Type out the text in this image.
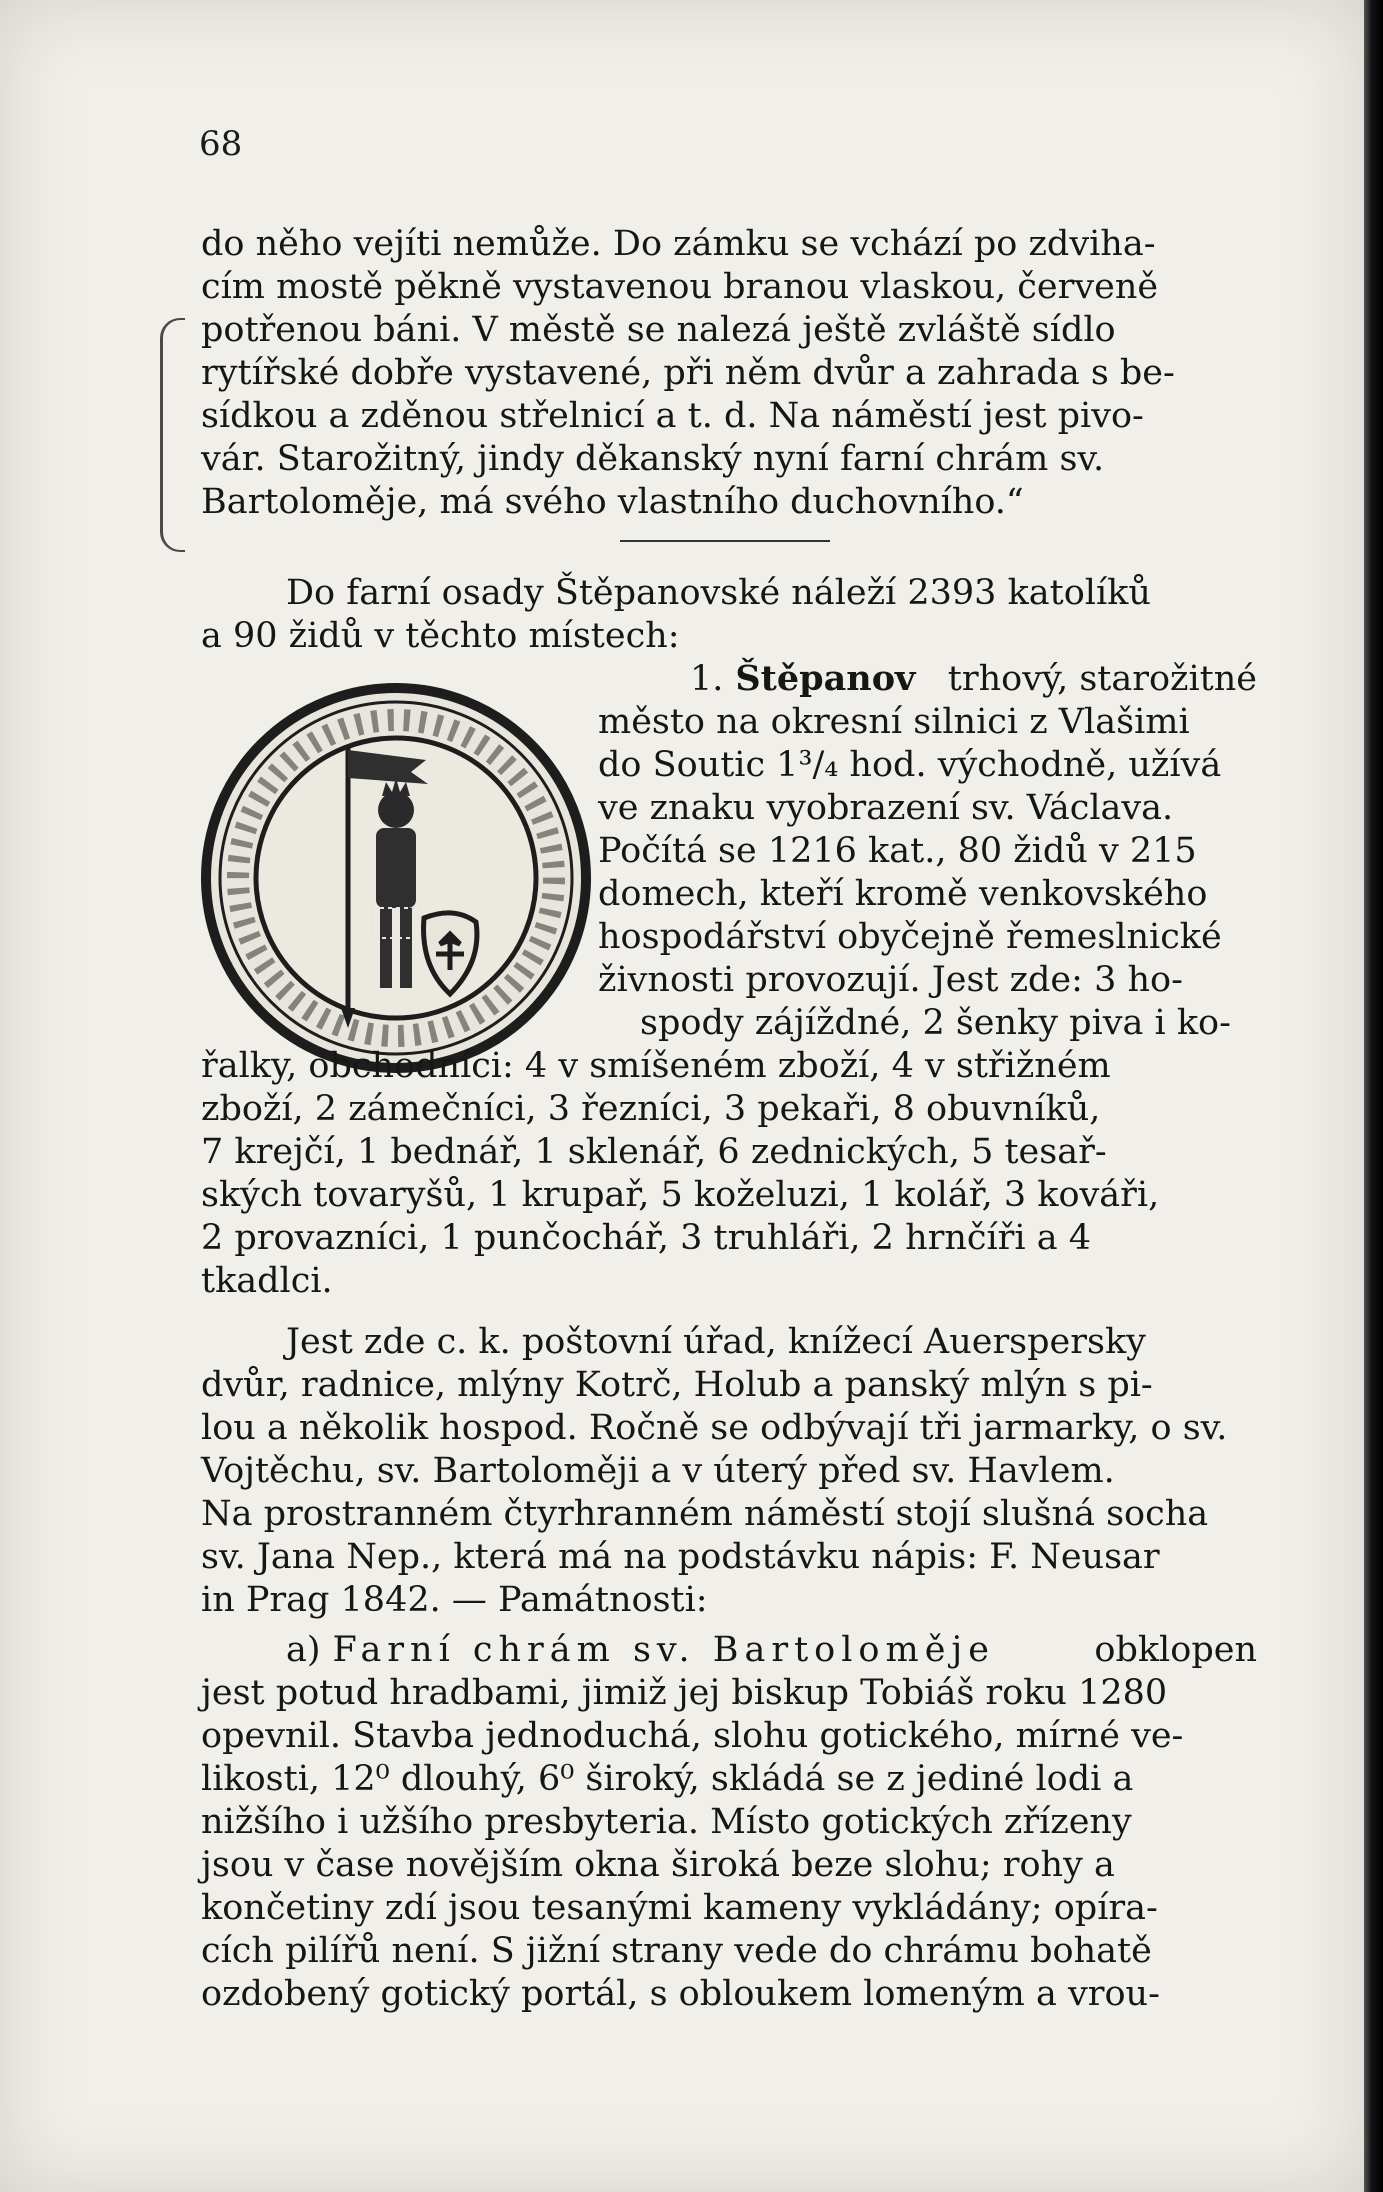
68
do něho vejíti nemůže. Do zámku se vchází po zdviha-
cím mostě pěkně vystavenou branou vlaskou, červeně
potřenou báni. V městě se nalezá ještě zvláště sídlo
rytířské dobře vystavené, při něm dvůr a zahrada s be-
sídkou a zděnou střelnicí a t. d. Na náměstí jest pivo-
vár. Starožitný, jindy děkanský nyní farní chrám sv.
Bartoloměje, má svého vlastního duchovního.“
Do farní osady Štěpanovské náleží 2393 katolíků
a 90 židů v těchto místech:
1. Štěpanov trhový, starožitné
město na okresní silnici z Vlašimi
do Soutic 1³/₄ hod. východně, užívá
ve znaku vyobrazení sv. Václava.
Počítá se 1216 kat., 80 židů v 215
domech, kteří kromě venkovského
hospodářství obyčejně řemeslnické
živnosti provozují. Jest zde: 3 ho-
spody zájíždné, 2 šenky piva i ko-
řalky, obchodníci: 4 v smíšeném zboží, 4 v střižném
zboží, 2 zámečníci, 3 řezníci, 3 pekaři, 8 obuvníků,
7 krejčí, 1 bednář, 1 sklenář, 6 zednických, 5 tesař-
ských tovaryšů, 1 krupař, 5 koželuzi, 1 kolář, 3 kováři,
2 provazníci, 1 punčochář, 3 truhláři, 2 hrnčíři a 4
tkadlci.
Jest zde c. k. poštovní úřad, knížecí Auerspersky
dvůr, radnice, mlýny Kotrč, Holub a panský mlýn s pi-
lou a několik hospod. Ročně se odbývají tři jarmarky, o sv.
Vojtěchu, sv. Bartoloměji a v úterý před sv. Havlem.
Na prostranném čtyrhranném náměstí stojí slušná socha
sv. Jana Nep., která má na podstávku nápis: F. Neusar
in Prag 1842. — Památnosti:
a) Farní chrám sv. Bartoloměje	obklopen
jest potud hradbami, jimiž jej biskup Tobiáš roku 1280
opevnil. Stavba jednoduchá, slohu gotického, mírné ve-
likosti, 12⁰ dlouhý, 6⁰ široký, skládá se z jediné lodi a
nižšího i užšího presbyteria. Místo gotických zřízeny
jsou v čase novějším okna široká beze slohu; rohy a
končetiny zdí jsou tesanými kameny vykládány; opíra-
cích pilířů není. S jižní strany vede do chrámu bohatě
ozdobený gotický portál, s obloukem lomeným a vrou-
